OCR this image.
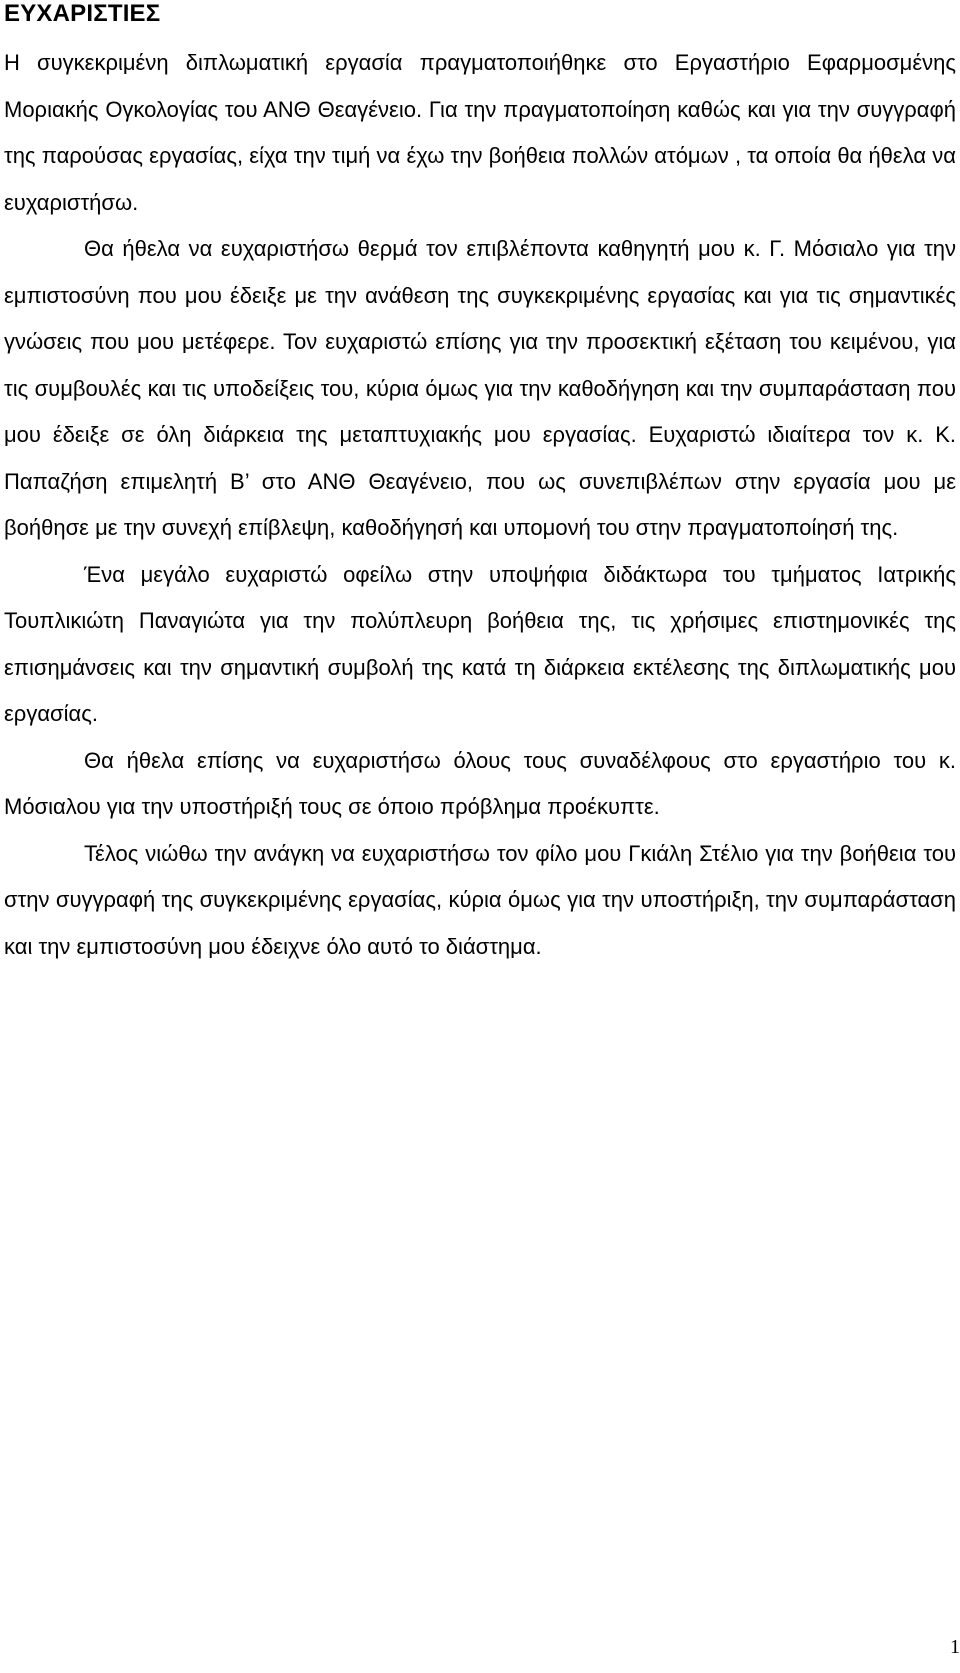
ΕΥΧΑΡΙΣΤΙΕΣ

Η συγκεκριμένη διπλωματική εργασία πραγματοποιήθηκε στο Εργαστήριο Εφαρμοσμένης Μοριακής Ογκολογίας του ΑΝΘ Θεαγένειο. Για την πραγματοποίηση καθώς και για την συγγραφή της παρούσας εργασίας, είχα την τιμή να έχω την βοήθεια πολλών ατόμων , τα οποία θα ήθελα να ευχαριστήσω.

Θα ήθελα να ευχαριστήσω θερμά τον επιβλέποντα καθηγητή μου κ. Γ. Μόσιαλο για την εμπιστοσύνη που μου έδειξε με την ανάθεση της συγκεκριμένης εργασίας και για τις σημαντικές γνώσεις που μου μετέφερε. Τον ευχαριστώ επίσης για την προσεκτική εξέταση του κειμένου, για τις συμβουλές και τις υποδείξεις του, κύρια όμως για την καθοδήγηση και την συμπαράσταση που μου έδειξε σε όλη διάρκεια της μεταπτυχιακής μου εργασίας. Ευχαριστώ ιδιαίτερα τον κ. Κ. Παπαζήση επιμελητή Β’ στο ΑΝΘ Θεαγένειο, που ως συνεπιβλέπων στην εργασία μου με βοήθησε με την συνεχή επίβλεψη, καθοδήγησή και υπομονή του στην πραγματοποίησή της.

Ένα μεγάλο ευχαριστώ οφείλω στην υποψήφια διδάκτωρα του τμήματος Ιατρικής Τουπλικιώτη Παναγιώτα για την πολύπλευρη βοήθεια της, τις χρήσιμες επιστημονικές της επισημάνσεις και την σημαντική συμβολή της κατά τη διάρκεια εκτέλεσης της διπλωματικής μου εργασίας.

Θα ήθελα επίσης να ευχαριστήσω όλους τους συναδέλφους στο εργαστήριο του κ. Μόσιαλου για την υποστήριξή τους σε όποιο πρόβλημα προέκυπτε.

Τέλος νιώθω την ανάγκη να ευχαριστήσω τον φίλο μου Γκιάλη Στέλιο για την βοήθεια του στην συγγραφή της συγκεκριμένης εργασίας, κύρια όμως για την υποστήριξη, την συμπαράσταση και την εμπιστοσύνη μου έδειχνε όλο αυτό το διάστημα.

1
